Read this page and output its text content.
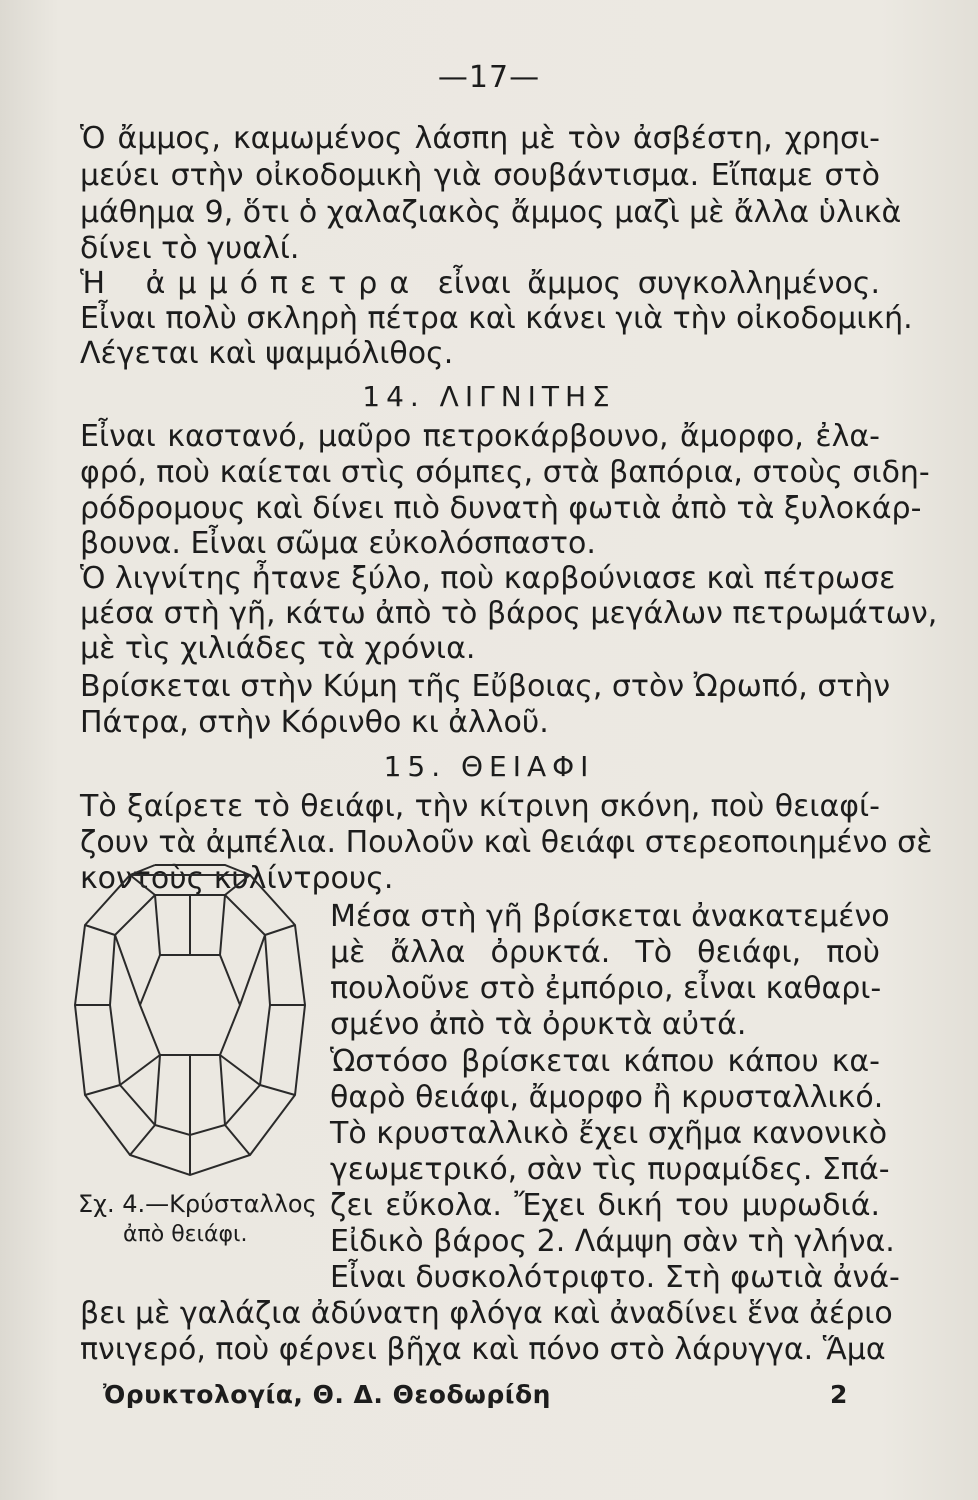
—17—
Ὁ ἄμμος, καμωμένος λάσπη μὲ τὸν ἀσβέστη, χρησι-
μεύει στὴν οἰκοδομικὴ γιὰ σουβάντισμα. Εἴπαμε στὸ
μάθημα 9, ὅτι ὁ χαλαζιακὸς ἄμμος μαζὶ μὲ ἄλλα ὑλικὰ
δίνει τὸ γυαλί.
Ἡ ἀμμόπετρα εἶναι ἄμμος συγκολλημένος.
Εἶναι πολὺ σκληρὴ πέτρα καὶ κάνει γιὰ τὴν οἰκοδομική.
Λέγεται καὶ ψαμμόλιθος.
14. ΛΙΓΝΙΤΗΣ
Εἶναι καστανό, μαῦρο πετροκάρβουνο, ἄμορφο, ἐλα-
φρό, ποὺ καίεται στὶς σόμπες, στὰ βαπόρια, στοὺς σιδη-
ρόδρομους καὶ δίνει πιὸ δυνατὴ φωτιὰ ἀπὸ τὰ ξυλοκάρ-
βουνα. Εἶναι σῶμα εὐκολόσπαστο.
Ὁ λιγνίτης ἦτανε ξύλο, ποὺ καρβούνιασε καὶ πέτρωσε
μέσα στὴ γῆ, κάτω ἀπὸ τὸ βάρος μεγάλων πετρωμάτων,
μὲ τὶς χιλιάδες τὰ χρόνια.
Βρίσκεται στὴν Κύμη τῆς Εὔβοιας, στὸν Ὠρωπό, στὴν
Πάτρα, στὴν Κόρινθο κι ἀλλοῦ.
15. ΘΕΙΑΦΙ
Τὸ ξαίρετε τὸ θειάφι, τὴν κίτρινη σκόνη, ποὺ θειαφί-
ζουν τὰ ἀμπέλια. Πουλοῦν καὶ θειάφι στερεοποιημένο σὲ
κοντοὺς κυλίντρους.
Μέσα στὴ γῆ βρίσκεται ἀνακατεμένο
μὲ ἄλλα ὀρυκτά. Τὸ θειάφι, ποὺ
πουλοῦνε στὸ ἐμπόριο, εἶναι καθαρι-
σμένο ἀπὸ τὰ ὀρυκτὰ αὐτά.
Ὡστόσο βρίσκεται κάπου κάπου κα-
θαρὸ θειάφι, ἄμορφο ἢ κρυσταλλικό.
Τὸ κρυσταλλικὸ ἔχει σχῆμα κανονικὸ
γεωμετρικό, σὰν τὶς πυραμίδες. Σπά-
ζει εὔκολα. Ἔχει δική του μυρωδιά.
Εἰδικὸ βάρος 2. Λάμψη σὰν τὴ γλήνα.
Εἶναι δυσκολότριφτο. Στὴ φωτιὰ ἀνά-
βει μὲ γαλάζια ἀδύνατη φλόγα καὶ ἀναδίνει ἕνα ἀέριο
Σχ. 4.—Κρύσταλλος
ἀπὸ θειάφι.
πνιγερό, ποὺ φέρνει βῆχα καὶ πόνο στὸ λάρυγγα. Ἅμα
Ὀρυκτολογία, Θ. Δ. Θεοδωρίδη	2
